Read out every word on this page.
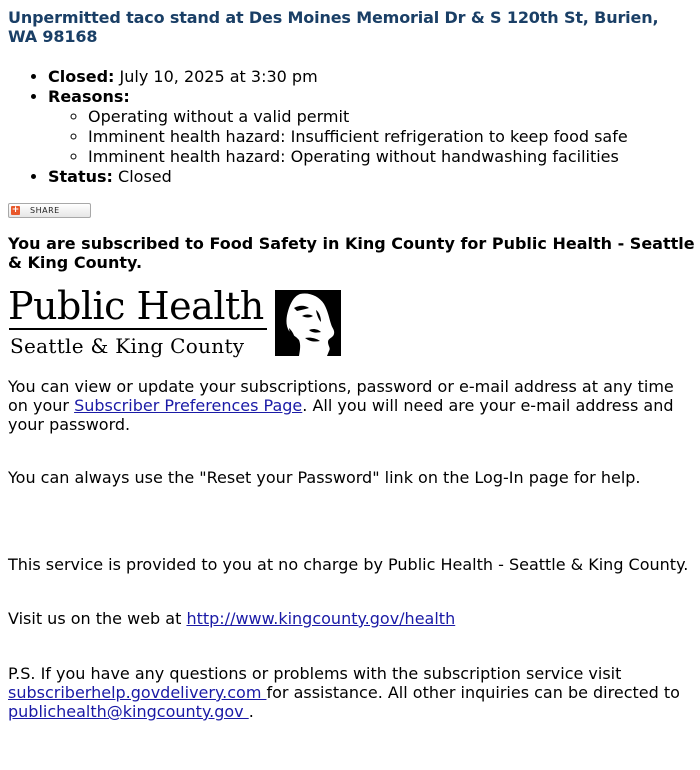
Unpermitted taco stand at Des Moines Memorial Dr & S 120th St, Burien,
WA 98168
• Closed: July 10, 2025 at 3:30 pm
• Reasons:
◦ Operating without a valid permit
◦ Imminent health hazard: Insufficient refrigeration to keep food safe
◦ Imminent health hazard: Operating without handwashing facilities
• Status: Closed
+ SHARE

You are subscribed to Food Safety in King County for Public Health - Seattle & King County.

Public Health
Seattle & King County

You can view or update your subscriptions, password or e-mail address at any time on your Subscriber Preferences Page. All you will need are your e-mail address and your password.

You can always use the "Reset your Password" link on the Log-In page for help.

This service is provided to you at no charge by Public Health - Seattle & King County.

Visit us on the web at http://www.kingcounty.gov/health

P.S. If you have any questions or problems with the subscription service visit subscriberhelp.govdelivery.com for assistance. All other inquiries can be directed to publichealth@kingcounty.gov .
